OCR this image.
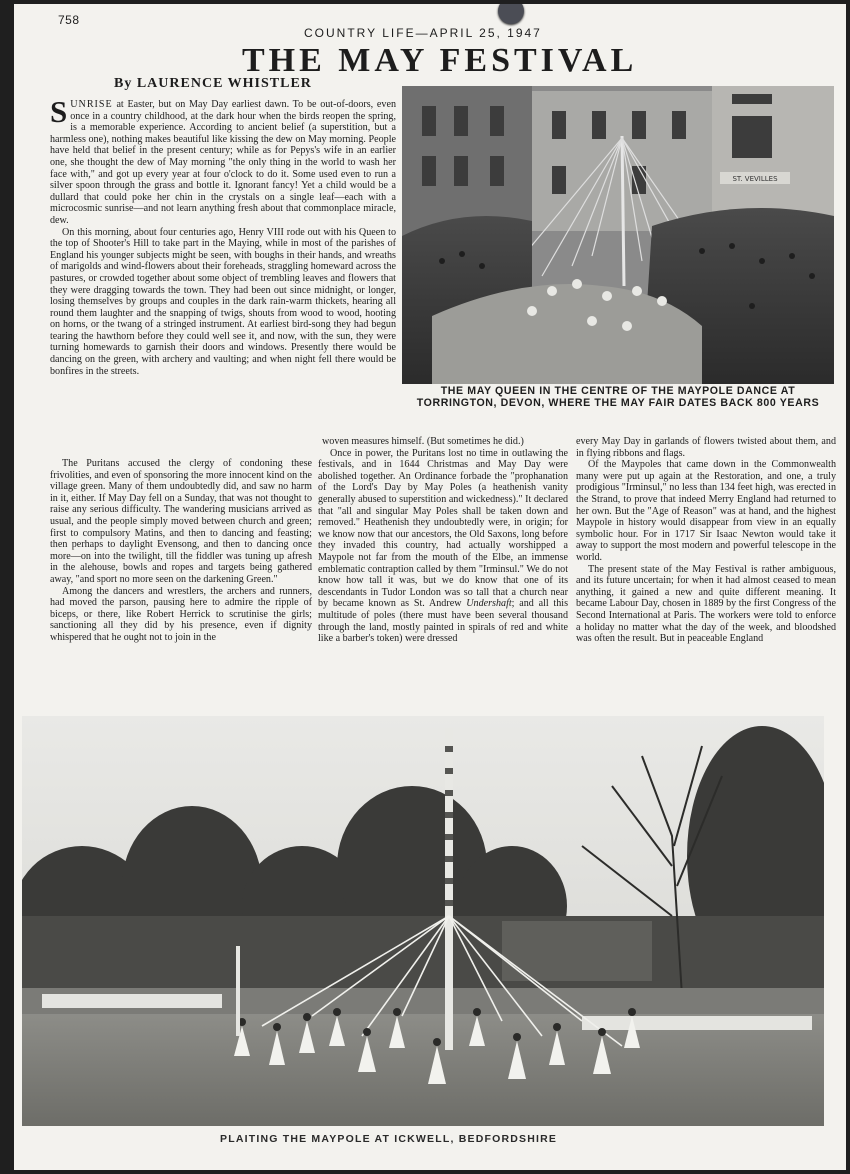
758
COUNTRY LIFE—APRIL 25, 1947
THE MAY FESTIVAL
By LAURENCE WHISTLER

SUNRISE at Easter, but on May Day earliest dawn. To be out-of-doors, even once in a country childhood, at the dark hour when the birds reopen the spring, is a memorable experience. According to ancient belief (a superstition, but a harmless one), nothing makes beautiful like kissing the dew on May morning. People have held that belief in the present century; while as for Pepys's wife in an earlier one, she thought the dew of May morning "the only thing in the world to wash her face with," and got up every year at four o'clock to do it. Some used even to run a silver spoon through the grass and bottle it. Ignorant fancy! Yet a child would be a dullard that could poke her chin in the crystals on a single leaf—each with a microcosmic sunrise—and not learn anything fresh about that commonplace miracle, dew.

On this morning, about four centuries ago, Henry VIII rode out with his Queen to the top of Shooter's Hill to take part in the Maying, while in most of the parishes of England his younger subjects might be seen, with boughs in their hands, and wreaths of marigolds and wind-flowers about their foreheads, straggling homeward across the pastures, or crowded together about some object of trembling leaves and flowers that they were dragging towards the town. They had been out since midnight, or longer, losing themselves by groups and couples in the dark rain-warm thickets, hearing all round them laughter and the snapping of twigs, shouts from wood to wood, hooting on horns, or the twang of a stringed instrument. At earliest bird-song they had begun tearing the hawthorn before they could well see it, and now, with the sun, they were turning homewards to garnish their doors and windows. Presently there would be dancing on the green, with archery and vaulting; and when night fell there would be bonfires in the streets.

The Puritans accused the clergy of condoning these frivolities, and even of sponsoring the more innocent kind on the village green. Many of them undoubtedly did, and saw no harm in it, either. If May Day fell on a Sunday, that was not thought to raise any serious difficulty. The wandering musicians arrived as usual, and the people simply moved between church and green; first to compulsory Matins, and then to dancing and feasting; then perhaps to daylight Evensong, and then to dancing once more—on into the twilight, till the fiddler was tuning up afresh in the alehouse, bowls and ropes and targets being gathered away, "and sport no more seen on the darkening Green."

Among the dancers and wrestlers, the archers and runners, had moved the parson, pausing here to admire the ripple of biceps, or there, like Robert Herrick to scrutinise the girls; sanctioning all they did by his presence, even if dignity whispered that he ought not to join in the

woven measures himself. (But sometimes he did.)

Once in power, the Puritans lost no time in outlawing the festivals, and in 1644 Christmas and May Day were abolished together. An Ordinance forbade the "prophanation of the Lord's Day by May Poles (a heathenish vanity generally abused to superstition and wickedness)." It declared that "all and singular May Poles shall be taken down and removed." Heathenish they undoubtedly were, in origin; for we know now that our ancestors, the Old Saxons, long before they invaded this country, had actually worshipped a Maypole not far from the mouth of the Elbe, an immense emblematic contraption called by them "Irminsul." We do not know how tall it was, but we do know that one of its descendants in Tudor London was so tall that a church near by became known as St. Andrew Undershaft; and all this multitude of poles (there must have been several thousand through the land, mostly painted in spirals of red and white like a barber's token) were dressed

every May Day in garlands of flowers twisted about them, and in flying ribbons and flags.

Of the Maypoles that came down in the Commonwealth many were put up again at the Restoration, and one, a truly prodigious "Irminsul," no less than 134 feet high, was erected in the Strand, to prove that indeed Merry England had returned to her own. But the "Age of Reason" was at hand, and the highest Maypole in history would disappear from view in an equally symbolic hour. For in 1717 Sir Isaac Newton would take it away to support the most modern and powerful telescope in the world.

The present state of the May Festival is rather ambiguous, and its future uncertain; for when it had almost ceased to mean anything, it gained a new and quite different meaning. It became Labour Day, chosen in 1889 by the first Congress of the Second International at Paris. The workers were told to enforce a holiday no matter what the day of the week, and bloodshed was often the result. But in peaceable England

ST. VEVILLES
THE MAY QUEEN IN THE CENTRE OF THE MAYPOLE DANCE AT TORRINGTON, DEVON, WHERE THE MAY FAIR DATES BACK 800 YEARS
PLAITING THE MAYPOLE AT ICKWELL, BEDFORDSHIRE
